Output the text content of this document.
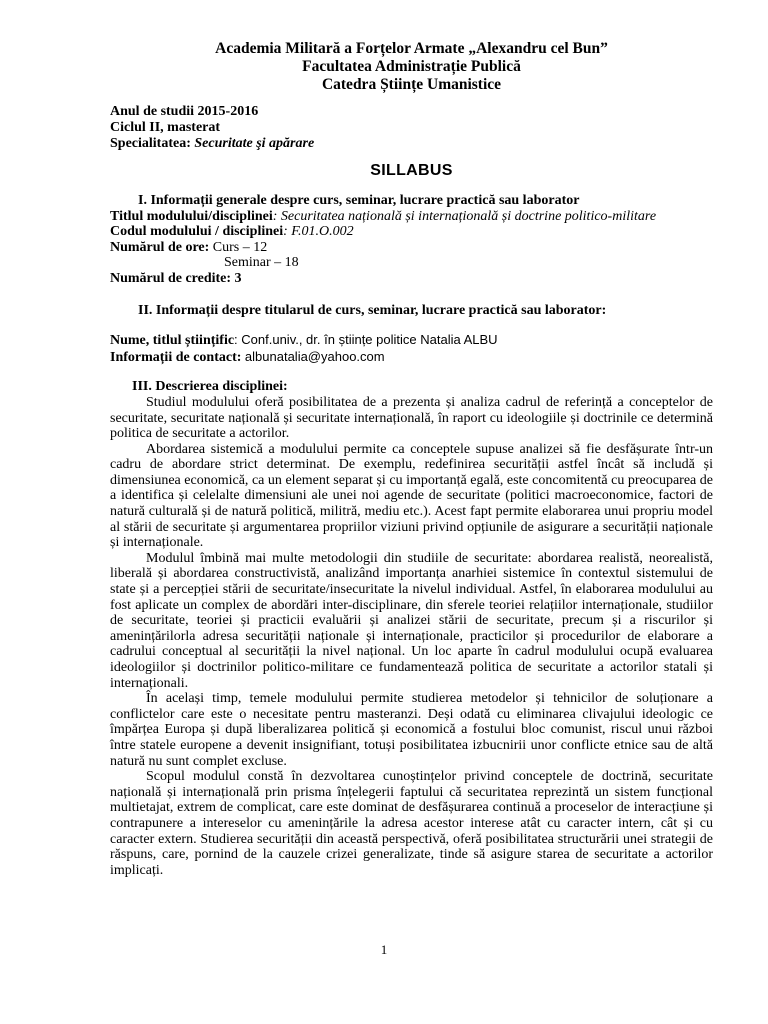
Academia Militară a Forțelor Armate „Alexandru cel Bun”
Facultatea Administrație Publică
Catedra Științe Umanistice

Anul de studii 2015-2016

Ciclul II, masterat

Specialitatea: Securitate şi apărare

SILLABUS

I. Informații generale despre curs, seminar, lucrare practică sau laborator

Titlul modulului/disciplinei: Securitatea națională și internațională și doctrine politico-militare

Codul modulului / disciplinei: F.01.O.002

Numărul de ore: Curs – 12

Seminar – 18

Numărul de credite: 3

II. Informații despre titularul de curs, seminar, lucrare practică sau laborator:

Nume, titlul științific: Conf.univ., dr. în științe politice Natalia ALBU

Informații de contact: albunatalia@yahoo.com

III. Descrierea disciplinei:

Studiul modulului oferă posibilitatea de a prezenta și analiza cadrul de referință a conceptelor de securitate, securitate națională și securitate internațională, în raport cu ideologiile și doctrinile ce determină politica de securitate a actorilor.

Abordarea sistemică a modulului permite ca conceptele supuse analizei să fie desfășurate într-un cadru de abordare strict determinat. De exemplu, redefinirea securității astfel încât să includă și dimensiunea economică, ca un element separat și cu importanță egală, este concomitentă cu preocuparea de a identifica și celelalte dimensiuni ale unei noi agende de securitate (politici macroeconomice, factori de natură culturală și de natură politică, militră, mediu etc.). Acest fapt permite elaborarea unui propriu model al stării de securitate și argumentarea propriilor viziuni privind opțiunile de asigurare a securității naționale și internaționale.

Modulul îmbină mai multe metodologii din studiile de securitate: abordarea realistă, neorealistă, liberală și abordarea constructivistă, analizând importanța anarhiei sistemice în contextul sistemului de state și a percepției stării de securitate/insecuritate la nivelul individual. Astfel, în elaborarea modulului au fost aplicate un complex de abordări inter-disciplinare, din sferele teoriei relațiilor internaționale, studiilor de securitate, teoriei și practicii evaluării și analizei stării de securitate, precum și a riscurilor și amenințărilorla adresa securității naționale și internaționale, practicilor și procedurilor de elaborare a cadrului conceptual al securității la nivel național. Un loc aparte în cadrul modulului ocupă evaluarea ideologiilor și doctrinilor politico-militare ce fundamentează politica de securitate a actorilor statali și internaționali.

În același timp, temele modulului permite studierea metodelor și tehnicilor de soluționare a conflictelor care este o necesitate pentru masteranzi. Deși odată cu eliminarea clivajului ideologic ce împărțea Europa și după liberalizarea politică și economică a fostului bloc comunist, riscul unui război între statele europene a devenit insignifiant, totuși posibilitatea izbucnirii unor conflicte etnice sau de altă natură nu sunt complet excluse.

Scopul modulul constă în dezvoltarea cunoștințelor privind conceptele de doctrină, securitate națională și internațională prin prisma înțelegerii faptului că securitatea reprezintă un sistem funcțional multietajat, extrem de complicat, care este dominat de desfășurarea continuă a proceselor de interacțiune și contrapunere a intereselor cu amenințările la adresa acestor interese atât cu caracter intern, cât și cu caracter extern. Studierea securității din această perspectivă, oferă posibilitatea structurării unei strategii de răspuns, care, pornind de la cauzele crizei generalizate, tinde să asigure starea de securitate a actorilor implicați.

1
